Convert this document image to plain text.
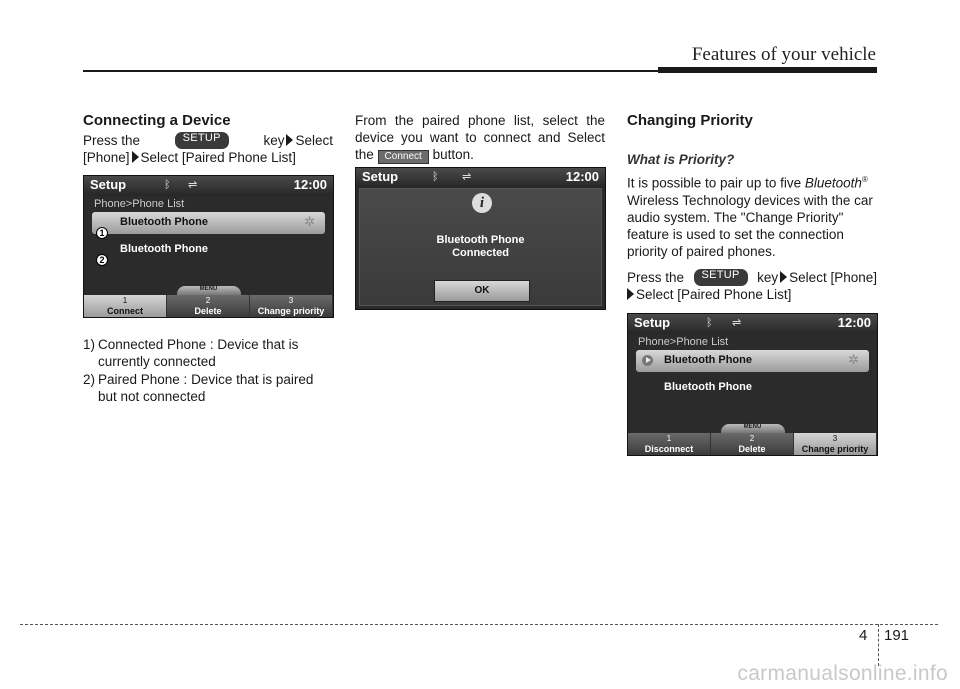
Features of your vehicle
Connecting a Device
Press the	SETUP	key Select
[Phone] Select [Paired Phone List]
Setup	ᛒ ⇌	12:00
Phone>Phone List
Bluetooth Phone	✲
Bluetooth Phone
1
2
MENU
1
Connect
2
Delete
3
Change priority
1) Connected Phone : Device that is currently connected
2) Paired Phone : Device that is paired but not connected
From the paired phone list, select the device you want to connect and Select the Connect button.
Setup	ᛒ ⇌	12:00
i
Bluetooth Phone
Connected
OK
Changing Priority
What is Priority?
It is possible to pair up to five Bluetooth® Wireless Technology devices with the car audio system. The "Change Priority" feature is used to set the connection priority of paired phones.
Press the	SETUP	key Select [Phone]
Select [Paired Phone List]
Setup	ᛒ ⇌	12:00
Phone>Phone List
Bluetooth Phone	✲
Bluetooth Phone
MENU
1
Disconnect
2
Delete
3
Change priority
4 191
carmanualsonline.info
